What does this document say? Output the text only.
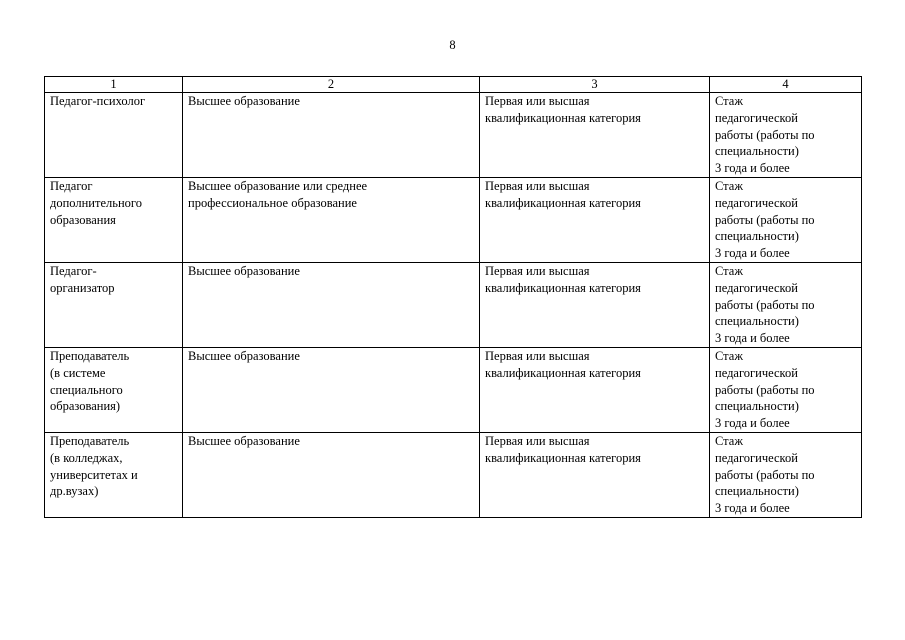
8
1	2	3	4

Педагог-психолог	Высшее образование	Первая или высшая
квалификационная категория	Стаж
педагогической
работы (работы по
специальности)
3 года и более

Педагог
дополнительного
образования	Высшее образование или среднее
профессиональное образование	Первая или высшая
квалификационная категория	Стаж
педагогической
работы (работы по
специальности)
3 года и более

Педагог-
организатор	Высшее образование	Первая или высшая
квалификационная категория	Стаж
педагогической
работы (работы по
специальности)
3 года и более

Преподаватель
(в системе
специального
образования)	Высшее образование	Первая или высшая
квалификационная категория	Стаж
педагогической
работы (работы по
специальности)
3 года и более

Преподаватель
(в колледжах,
университетах и
др.вузах)	Высшее образование	Первая или высшая
квалификационная категория	Стаж
педагогической
работы (работы по
специальности)
3 года и более
